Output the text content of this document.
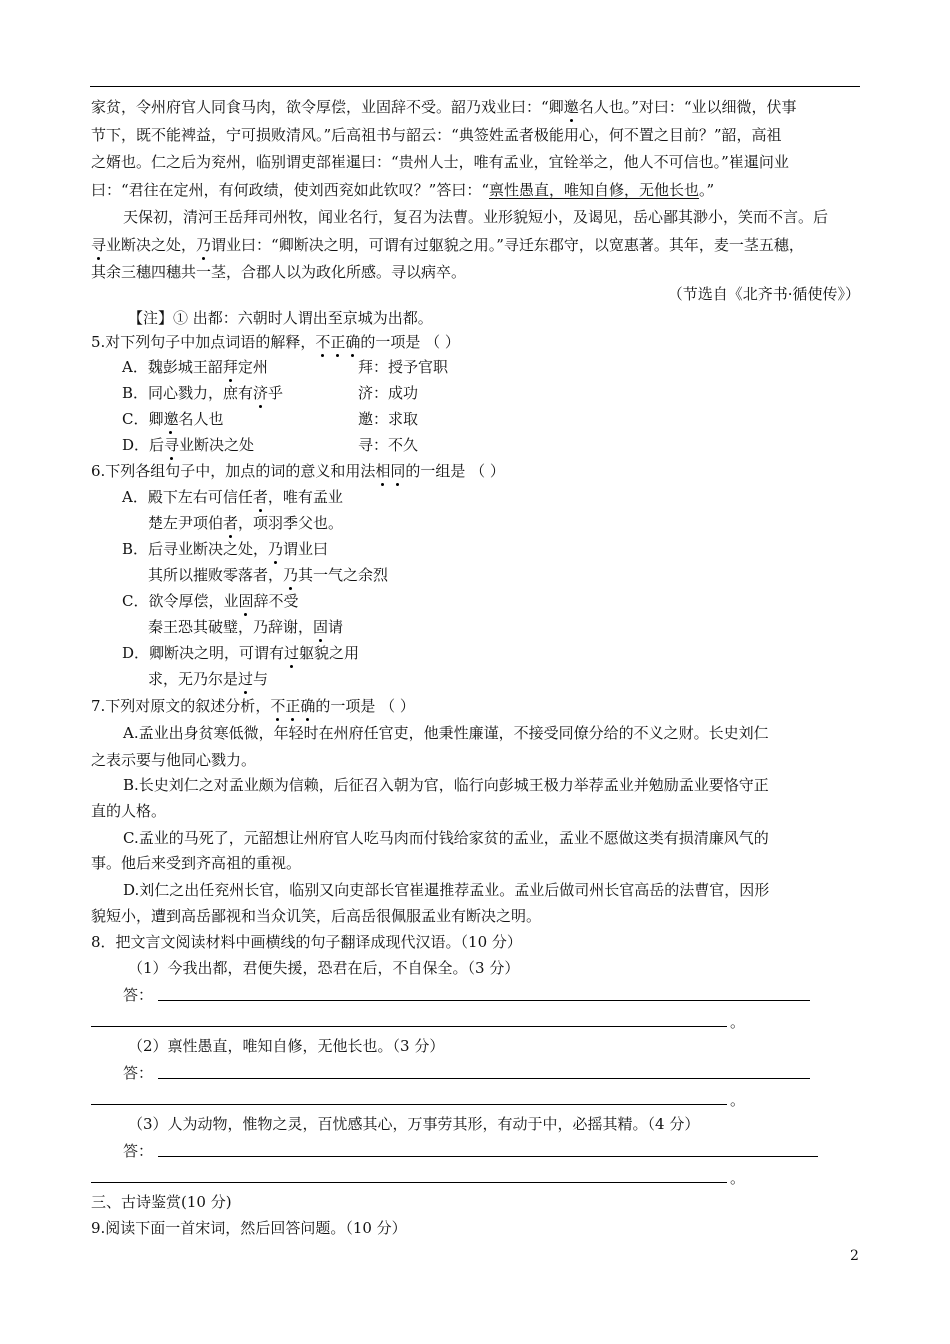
家贫，令州府官人同食马肉，欲令厚偿，业固辞不受。韶乃戏业曰：“卿邀名人也。”对曰：“业以细微，伏事
节下，既不能裨益，宁可损败清风。”后高祖书与韶云：“典签姓孟者极能用心，何不置之目前？”韶，高祖
之婿也。仁之后为兖州，临别谓吏部崔暹曰：“贵州人士，唯有孟业，宜铨举之，他人不可信也。”崔暹问业
曰：“君往在定州，有何政绩，使刘西兖如此钦叹？”答曰：“禀性愚直，唯知自修，无他长也。”
天保初，清河王岳拜司州牧，闻业名行，复召为法曹。业形貌短小，及谒见，岳心鄙其渺小，笑而不言。后
寻业断决之处，乃谓业曰：“卿断决之明，可谓有过躯貌之用。”寻迁东郡守，以宽惠著。其年，麦一茎五穗，
其余三穗四穗共一茎，合郡人以为政化所感。寻以病卒。
（节选自《北齐书·循使传》）
【注】① 出都：六朝时人谓出至京城为出都。
5.对下列句子中加点词语的解释，不正确的一项是 （ ）
A．魏彭城王韶拜定州	拜：授予官职
B．同心戮力，庶有济乎	济：成功
C．卿邀名人也	邀：求取
D．后寻业断决之处	寻：不久
6.下列各组句子中，加点的词的意义和用法相同的一组是 （ ）
A．殿下左右可信任者，唯有孟业
楚左尹项伯者，项羽季父也。
B．后寻业断决之处，乃谓业曰
其所以摧败零落者，乃其一气之余烈
C．欲令厚偿，业固辞不受
秦王恐其破璧，乃辞谢，固请
D．卿断决之明，可谓有过躯貌之用
求，无乃尔是过与
7.下列对原文的叙述分析，不正确的一项是 （ ）
A.孟业出身贫寒低微，年轻时在州府任官吏，他秉性廉谨，不接受同僚分给的不义之财。长史刘仁
之表示要与他同心戮力。
B.长史刘仁之对孟业颇为信赖，后征召入朝为官，临行向彭城王极力举荐孟业并勉励孟业要恪守正
直的人格。
C.孟业的马死了，元韶想让州府官人吃马肉而付钱给家贫的孟业，孟业不愿做这类有损清廉风气的
事。他后来受到齐高祖的重视。
D.刘仁之出任兖州长官，临别又向吏部长官崔暹推荐孟业。孟业后做司州长官高岳的法曹官，因形
貌短小，遭到高岳鄙视和当众讥笑，后高岳很佩服孟业有断决之明。
8．把文言文阅读材料中画横线的句子翻译成现代汉语。（10 分）
（1）今我出都，君便失援，恐君在后，不自保全。（3 分）
答：
。
（2）禀性愚直，唯知自修，无他长也。（3 分）
答：
。
（3）人为动物，惟物之灵，百忧感其心，万事劳其形，有动于中，必摇其精。（4 分）
答：
。
三、古诗鉴赏(10 分)
9.阅读下面一首宋词，然后回答问题。（10 分）
2
